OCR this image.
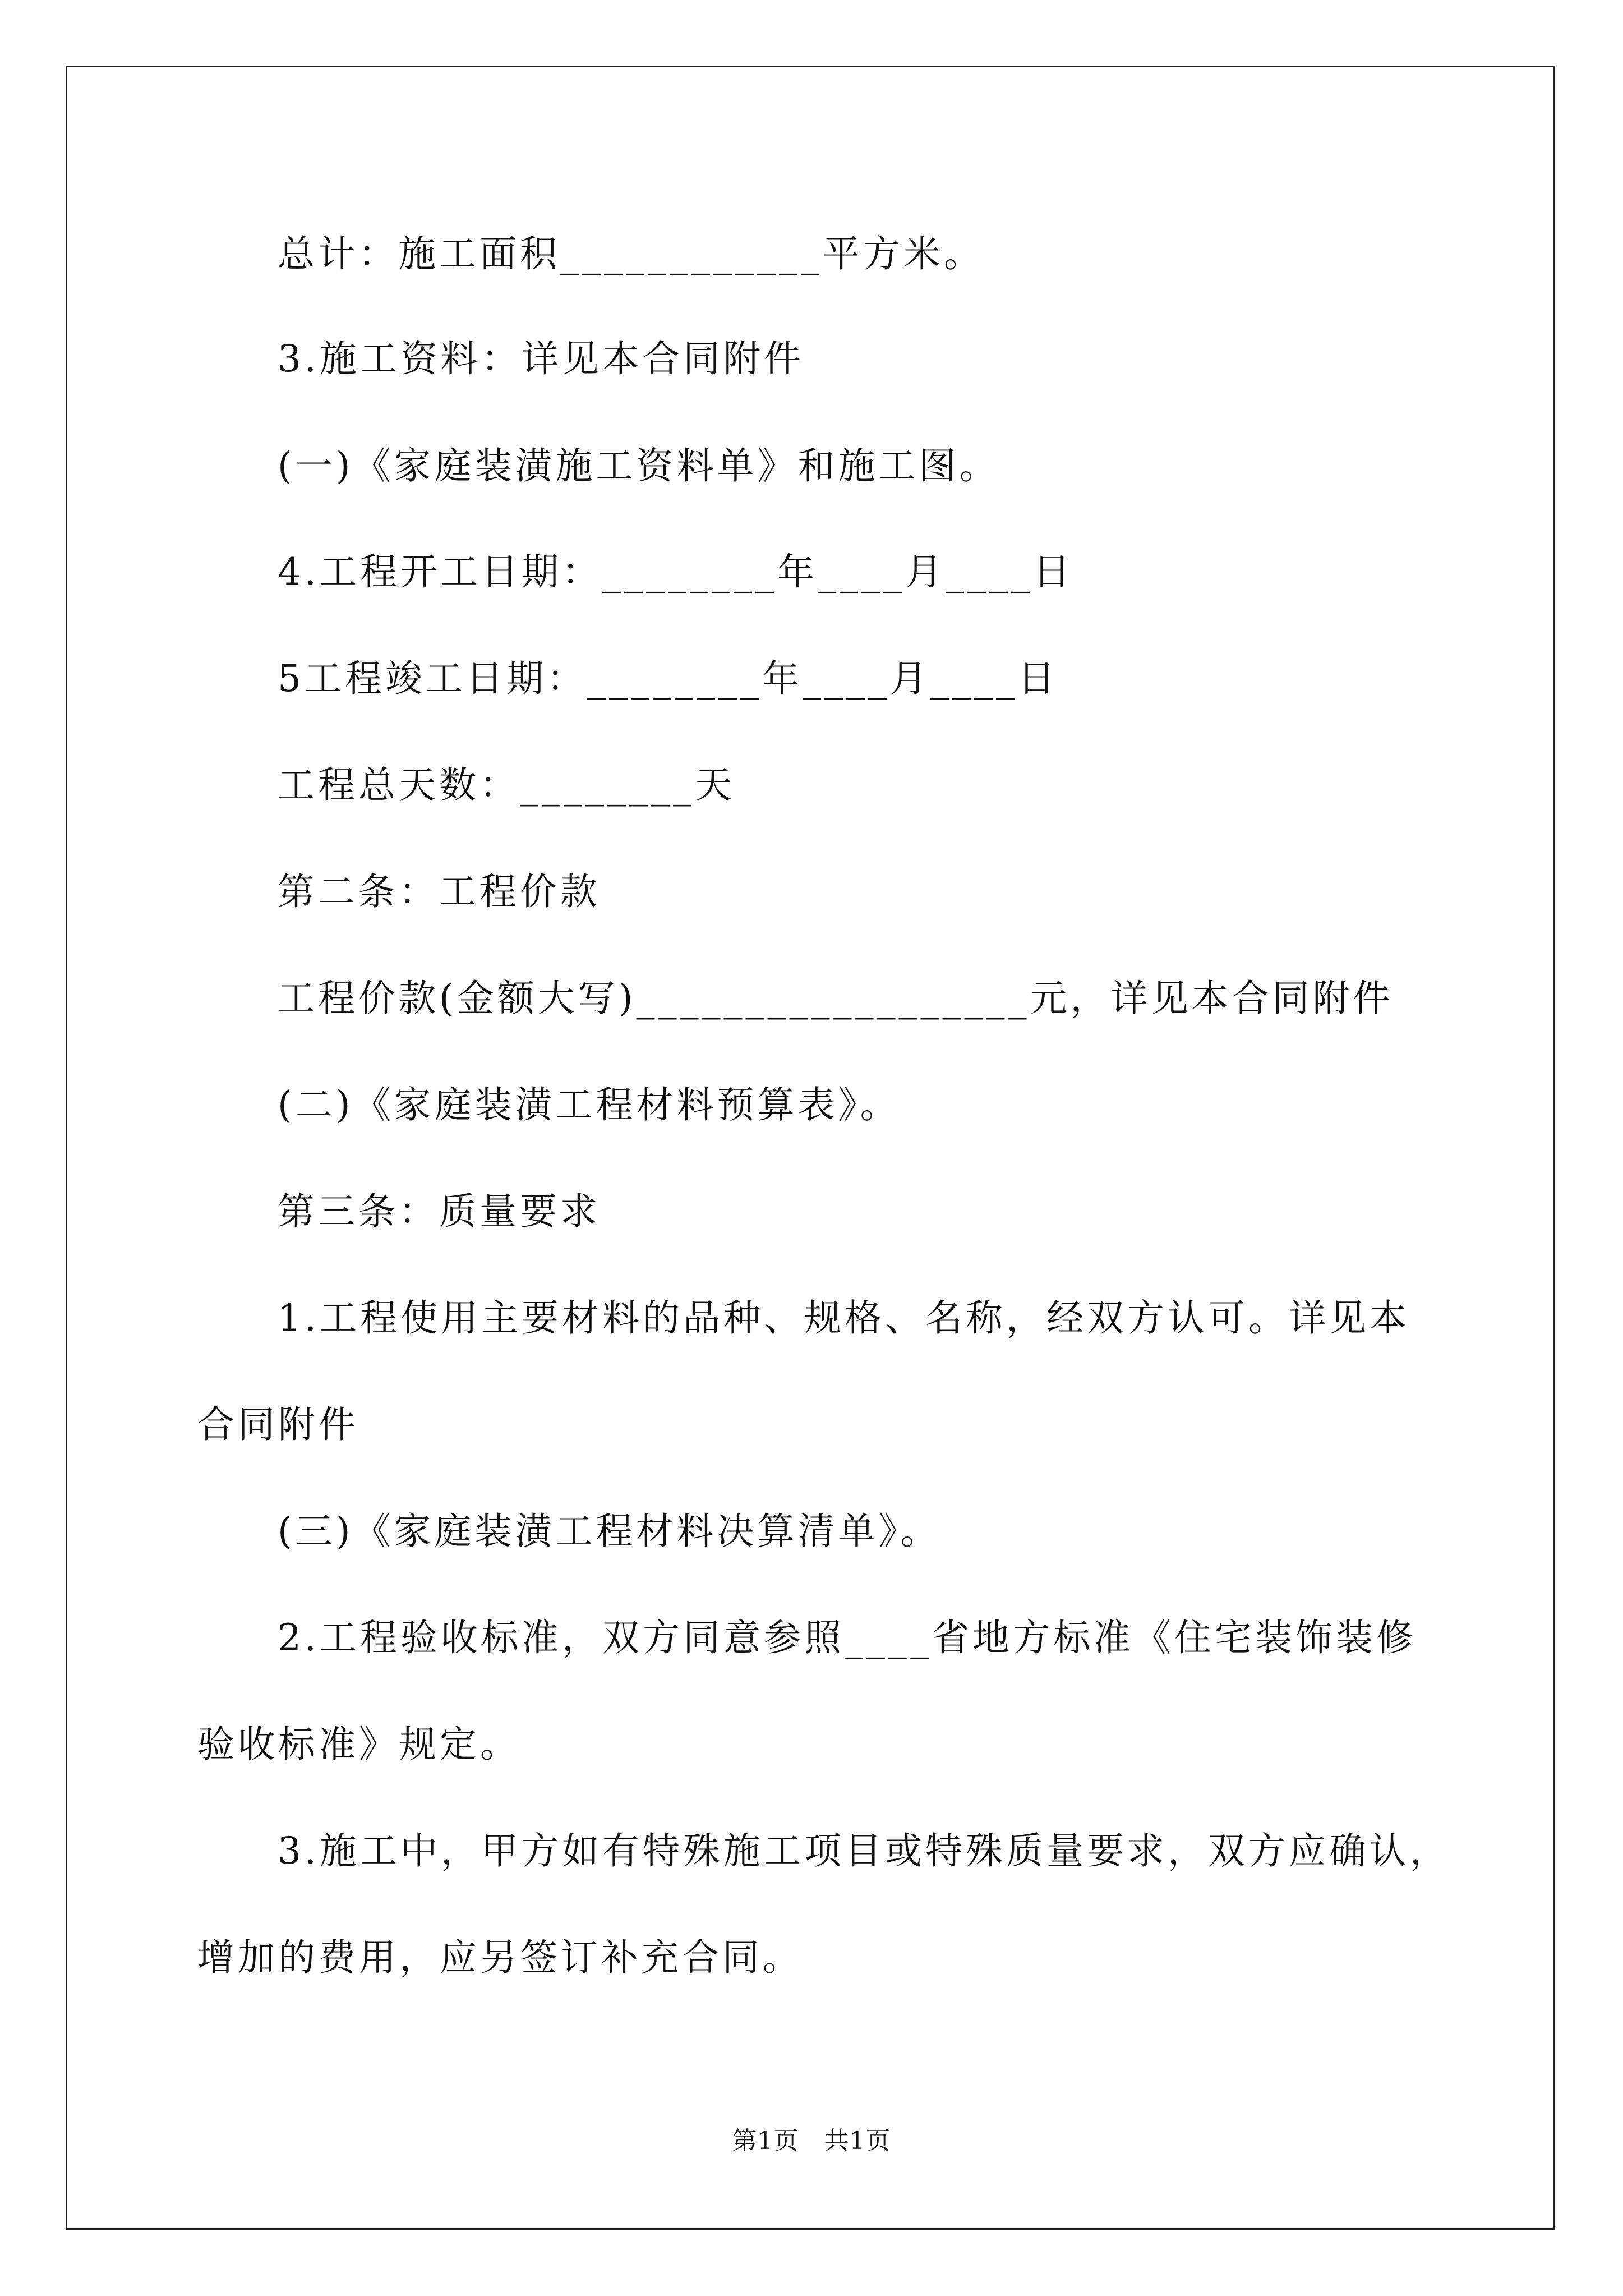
总计：施工面积____________平方米。
3.施工资料：详见本合同附件
(一)《家庭装潢施工资料单》和施工图。
4.工程开工日期：________年____月____日
5工程竣工日期：________年____月____日
工程总天数：________天
第二条：工程价款
工程价款(金额大写)__________________元，详见本合同附件
(二)《家庭装潢工程材料预算表》。
第三条：质量要求
1.工程使用主要材料的品种、规格、名称，经双方认可。详见本
合同附件
(三)《家庭装潢工程材料决算清单》。
2.工程验收标准，双方同意参照____省地方标准《住宅装饰装修
验收标准》规定。
3.施工中，甲方如有特殊施工项目或特殊质量要求，双方应确认，
增加的费用，应另签订补充合同。
第1页   共1页
